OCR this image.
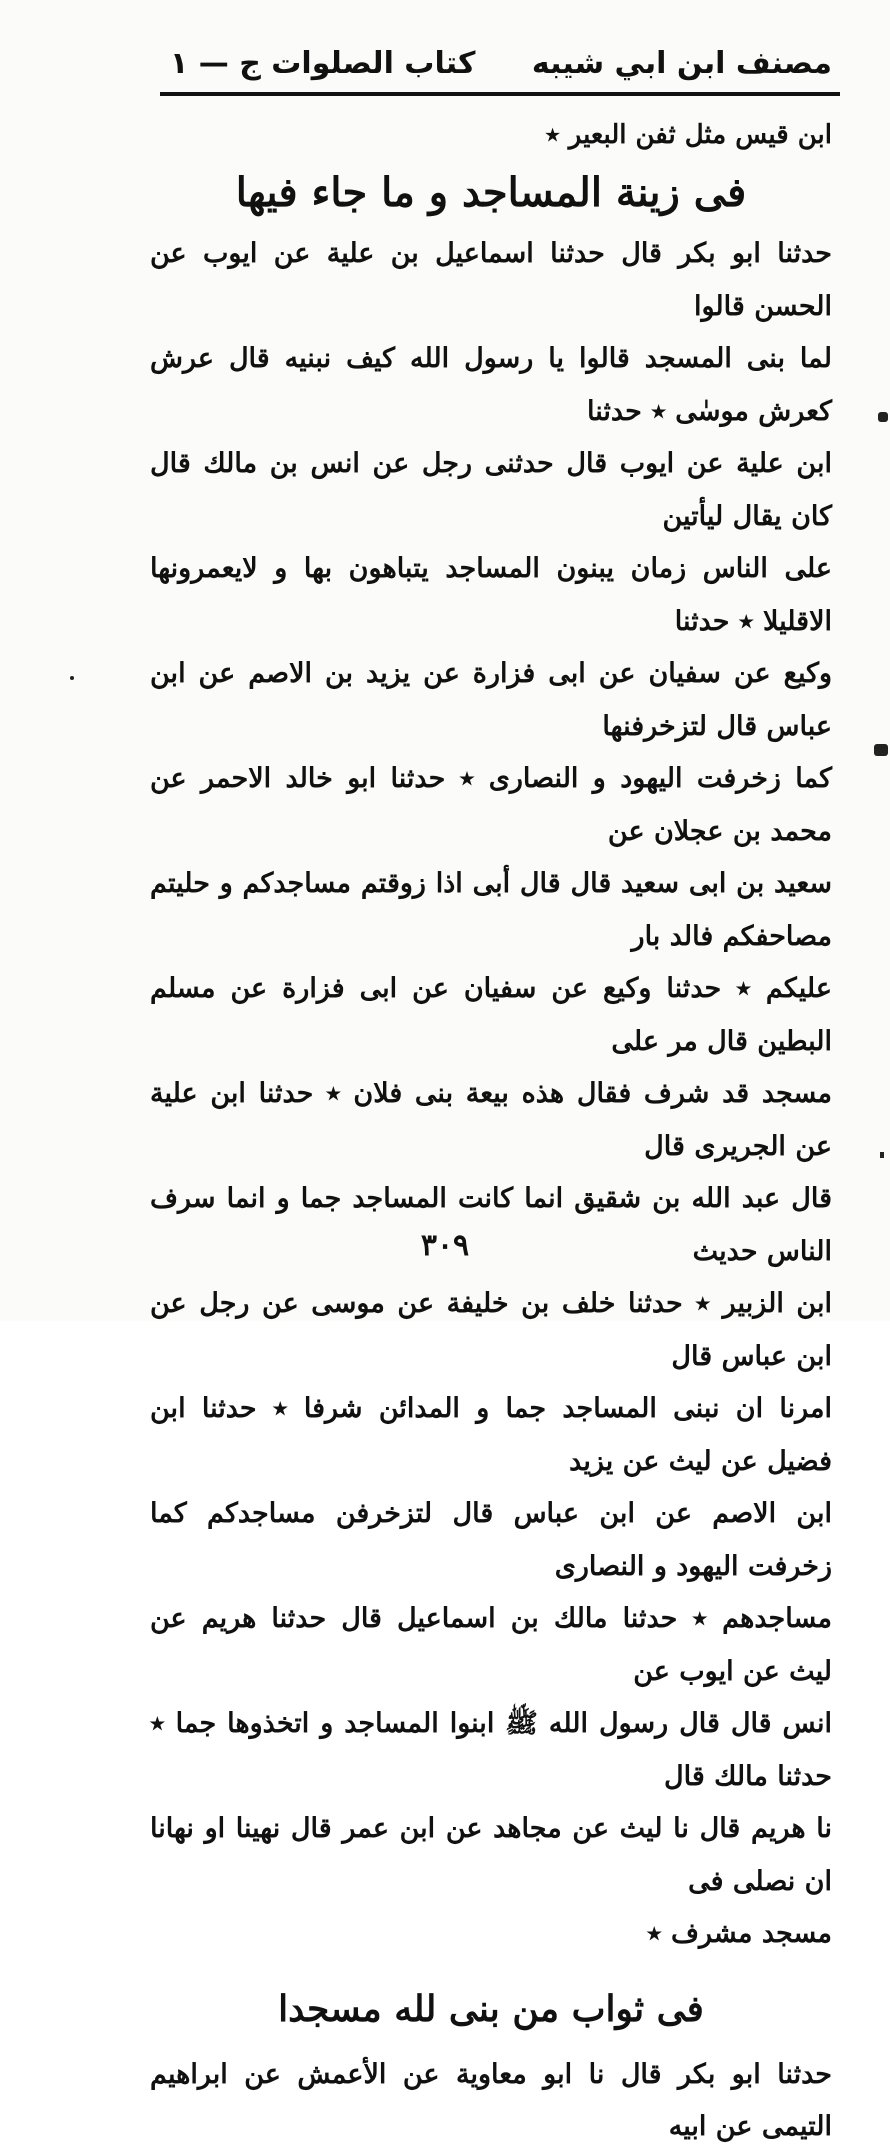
مصنف ابن ابي شيبه
كتاب الصلوات ج — ١

ابن قيس مثل ثفن البعير ٭

فى زينة المساجد و ما جاء فيها

حدثنا ابو بكر قال حدثنا اسماعيل بن علية عن ايوب عن الحسن قالوا
لما بنى المسجد قالوا يا رسول الله كيف نبنيه قال عرش كعرش موسٰى ٭ حدثنا
ابن علية عن ايوب قال حدثنى رجل عن انس بن مالك قال كان يقال ليأتين
على الناس زمان يبنون المساجد يتباهون بها و لايعمرونها الاقليلا ٭ حدثنا
وكيع عن سفيان عن ابى فزارة عن يزيد بن الاصم عن ابن عباس قال لتزخرفنها
كما زخرفت اليهود و النصارى ٭ حدثنا ابو خالد الاحمر عن محمد بن عجلان عن
سعيد بن ابى سعيد قال قال أبى اذا زوقتم مساجدكم و حليتم مصاحفكم فالد بار
عليكم ٭ حدثنا وكيع عن سفيان عن ابى فزارة عن مسلم البطين قال مر على
مسجد قد شرف فقال هذه بيعة بنى فلان ٭ حدثنا ابن علية عن الجريرى قال
قال عبد الله بن شقيق انما كانت المساجد جما و انما سرف الناس حديث
ابن الزبير ٭ حدثنا خلف بن خليفة عن موسى عن رجل عن ابن عباس قال
امرنا ان نبنى المساجد جما و المدائن شرفا ٭ حدثنا ابن فضيل عن ليث عن يزيد
ابن الاصم عن ابن عباس قال لتزخرفن مساجدكم كما زخرفت اليهود و النصارى
مساجدهم ٭ حدثنا مالك بن اسماعيل قال حدثنا هريم عن ليث عن ايوب عن
انس قال قال رسول الله ﷺ ابنوا المساجد و اتخذوها جما ٭ حدثنا مالك قال
نا هريم قال نا ليث عن مجاهد عن ابن عمر قال نهينا او نهانا ان نصلى فى
مسجد مشرف ٭

فى ثواب من بنى لله مسجدا

حدثنا ابو بكر قال نا ابو معاوية عن الأعمش عن ابراهيم التيمى عن ابيه

٣٠٩
